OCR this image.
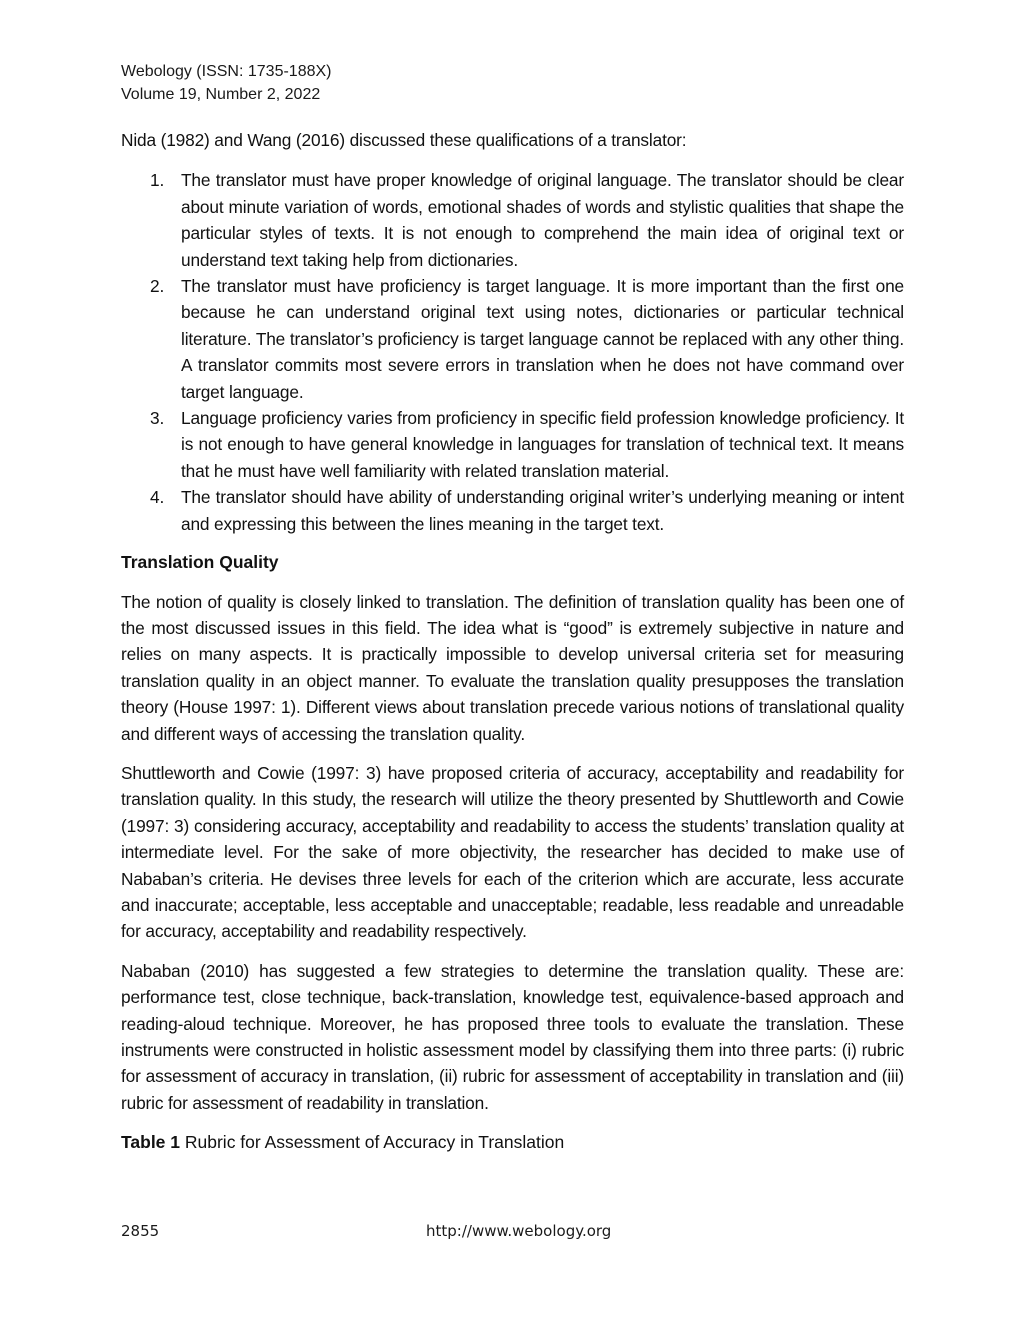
Webology (ISSN: 1735-188X)
Volume 19, Number 2, 2022

Nida (1982) and Wang (2016) discussed these qualifications of a translator:

1. The translator must have proper knowledge of original language. The translator should be clear about minute variation of words, emotional shades of words and stylistic qualities that shape the particular styles of texts. It is not enough to comprehend the main idea of original text or understand text taking help from dictionaries.
2. The translator must have proficiency is target language. It is more important than the first one because he can understand original text using notes, dictionaries or particular technical literature. The translator’s proficiency is target language cannot be replaced with any other thing. A translator commits most severe errors in translation when he does not have command over target language.
3. Language proficiency varies from proficiency in specific field profession knowledge proficiency. It is not enough to have general knowledge in languages for translation of technical text. It means that he must have well familiarity with related translation material.
4. The translator should have ability of understanding original writer’s underlying meaning or intent and expressing this between the lines meaning in the target text.

Translation Quality

The notion of quality is closely linked to translation. The definition of translation quality has been one of the most discussed issues in this field. The idea what is “good” is extremely subjective in nature and relies on many aspects. It is practically impossible to develop universal criteria set for measuring translation quality in an object manner. To evaluate the translation quality presupposes the translation theory (House 1997: 1). Different views about translation precede various notions of translational quality and different ways of accessing the translation quality.

Shuttleworth and Cowie (1997: 3) have proposed criteria of accuracy, acceptability and readability for translation quality. In this study, the research will utilize the theory presented by Shuttleworth and Cowie (1997: 3) considering accuracy, acceptability and readability to access the students’ translation quality at intermediate level. For the sake of more objectivity, the researcher has decided to make use of Nababan’s criteria. He devises three levels for each of the criterion which are accurate, less accurate and inaccurate; acceptable, less acceptable and unacceptable; readable, less readable and unreadable for accuracy, acceptability and readability respectively.

Nababan (2010) has suggested a few strategies to determine the translation quality. These are: performance test, close technique, back-translation, knowledge test, equivalence-based approach and reading-aloud technique. Moreover, he has proposed three tools to evaluate the translation. These instruments were constructed in holistic assessment model by classifying them into three parts: (i) rubric for assessment of accuracy in translation, (ii) rubric for assessment of acceptability in translation and (iii) rubric for assessment of readability in translation.

Table 1 Rubric for Assessment of Accuracy in Translation

2855	http://www.webology.org
